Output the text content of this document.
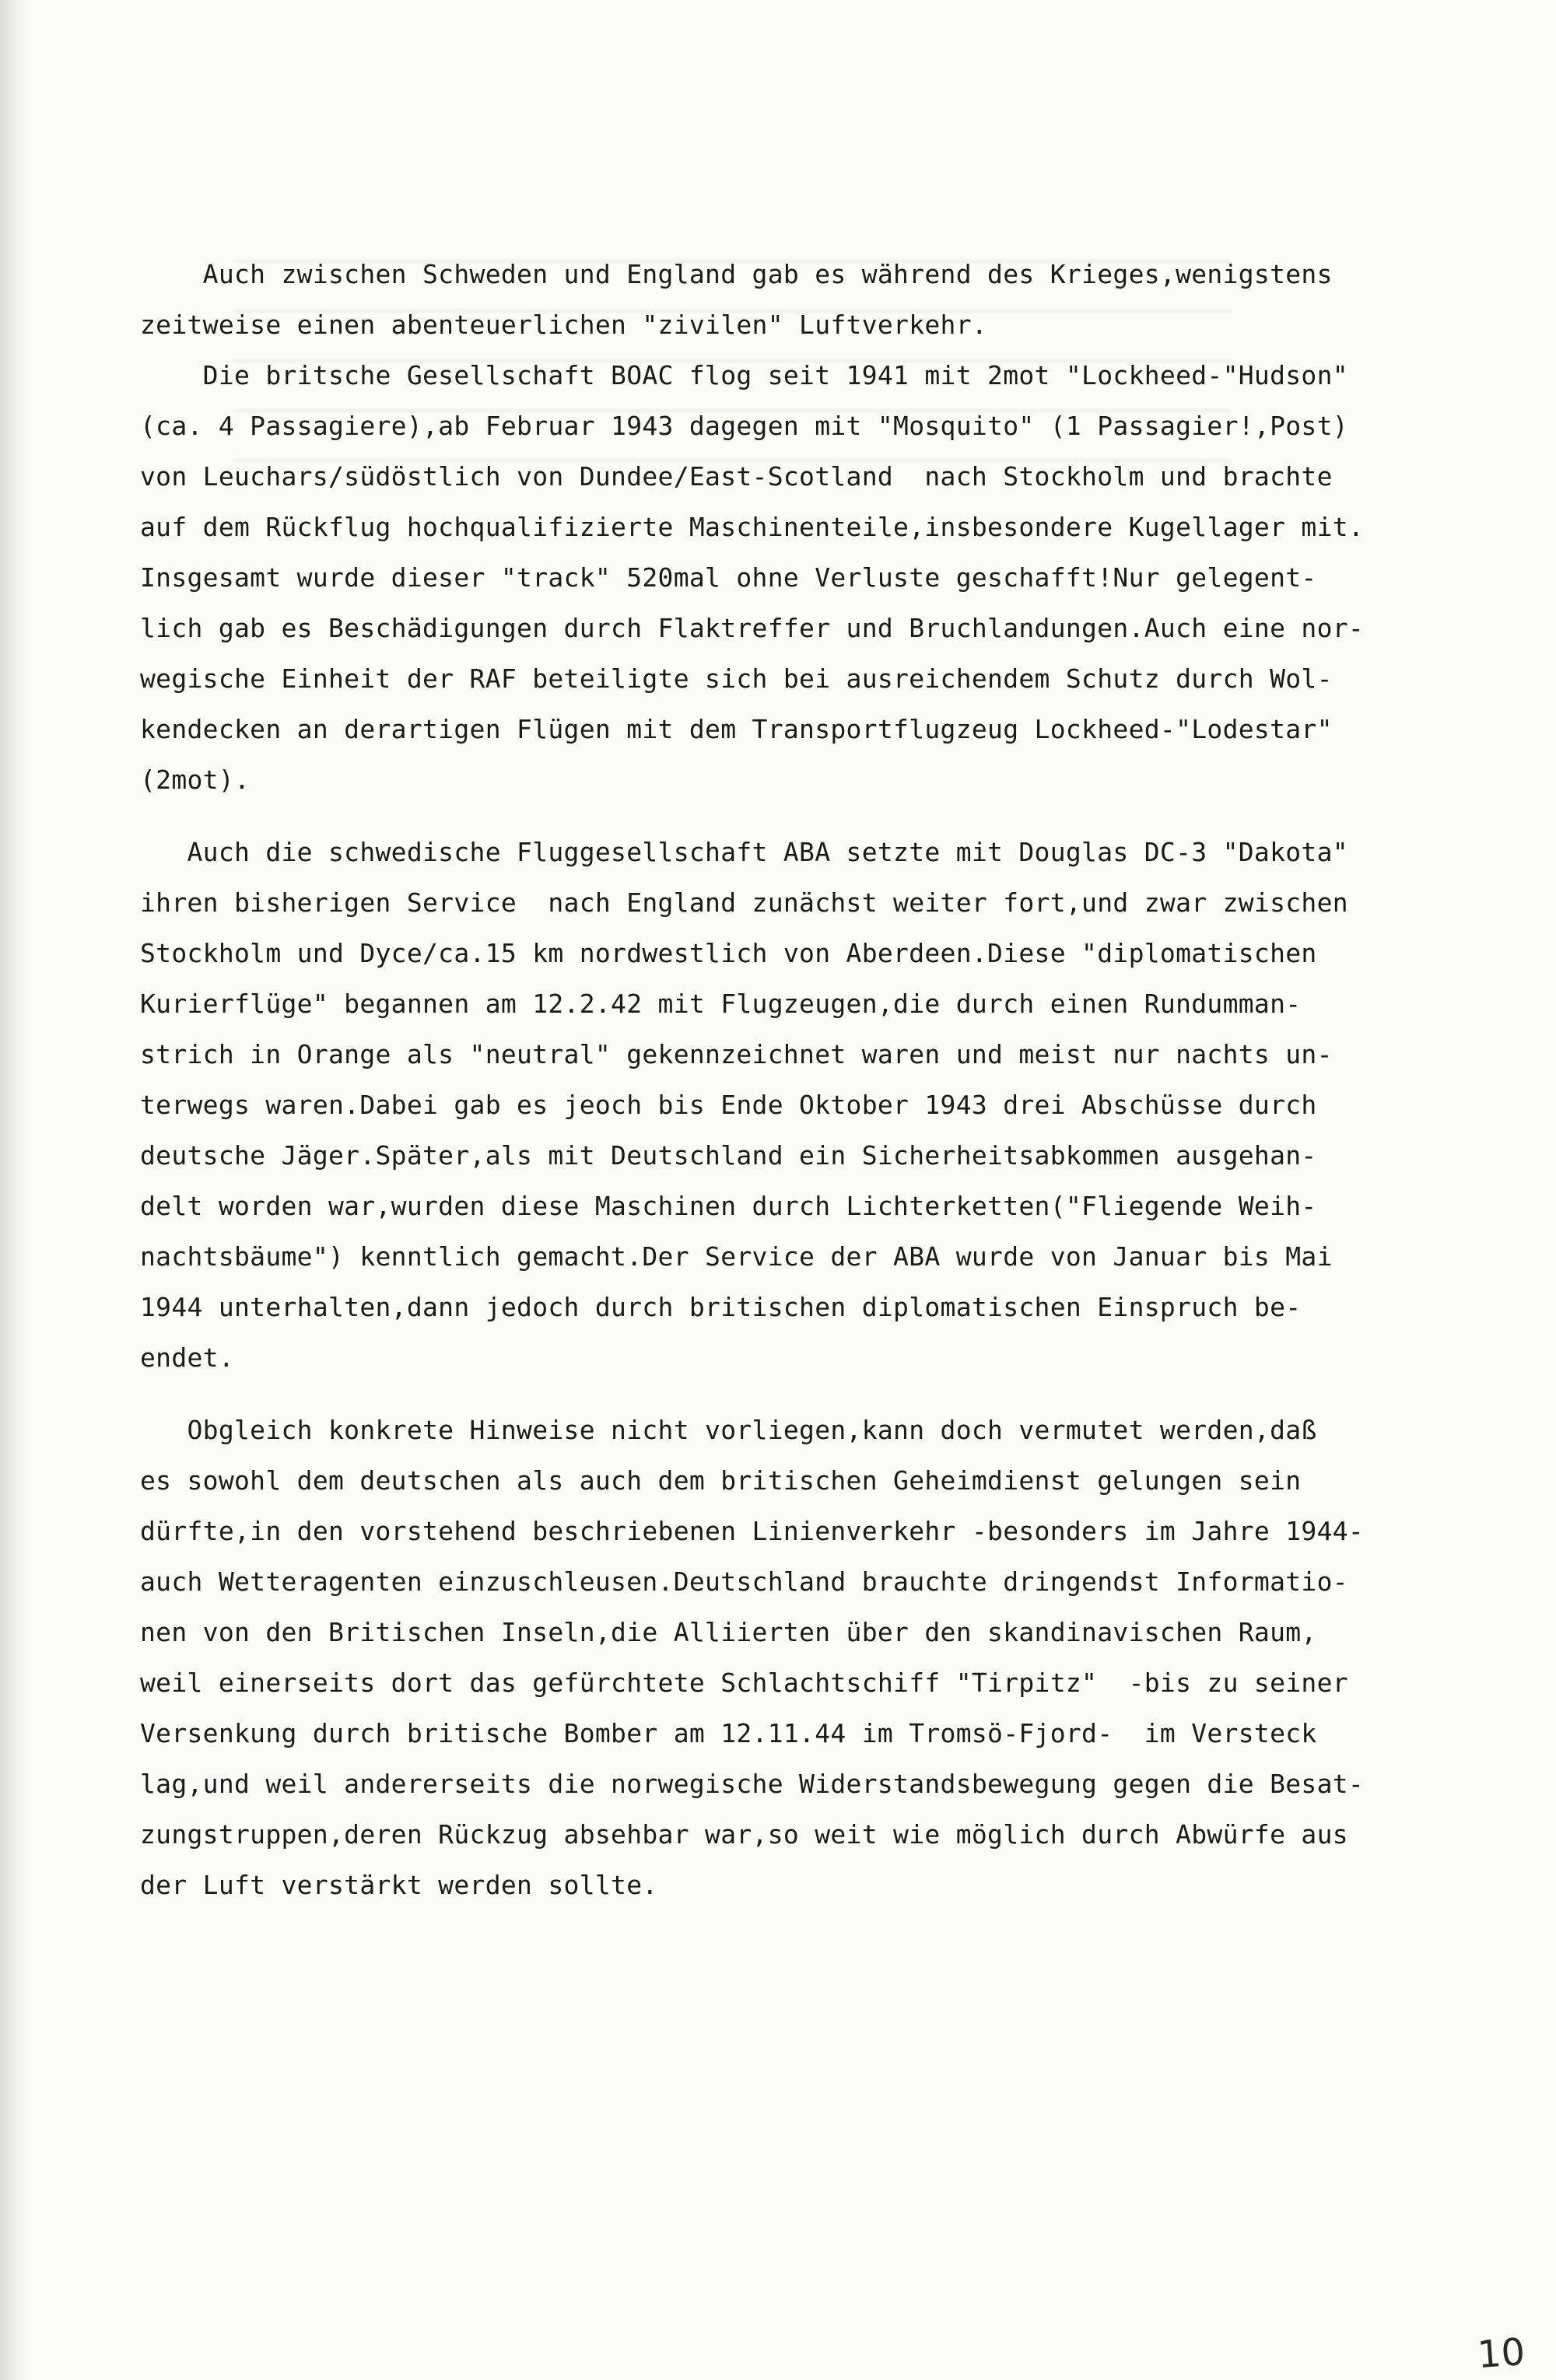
▁▁▁▁▁▁▁▁▁▁▁▁▁▁▁▁▁▁▁▁▁▁▁▁▁▁▁▁▁▁▁▁▁▁▁▁▁▁▁▁▁▁▁▁▁▁▁▁▁▁▁▁▁▁▁▁▁▁▁▁▁▁▁▁▁▁▁▁▁▁▁
▁▁▁▁▁▁▁▁▁▁▁▁▁▁▁▁▁▁▁▁▁▁▁▁▁▁▁▁▁▁▁▁▁▁▁▁▁▁▁▁▁▁▁▁▁▁▁▁▁▁▁▁▁▁▁▁▁▁▁▁▁▁▁▁▁▁▁▁▁▁▁
▁▁▁▁▁▁▁▁▁▁▁▁▁▁▁▁▁▁▁▁▁▁▁▁▁▁▁▁▁▁▁▁▁▁▁▁▁▁▁▁▁▁▁▁▁▁▁▁▁▁▁▁▁▁▁▁▁▁▁▁▁▁▁▁▁▁▁▁▁▁▁
▁▁▁▁▁▁▁▁▁▁▁▁▁▁▁▁▁▁▁▁▁▁▁▁▁▁▁▁▁▁▁▁▁▁▁▁▁▁▁▁▁▁▁▁▁▁▁▁▁▁▁▁▁▁▁▁▁▁▁▁▁▁▁▁▁▁▁▁▁▁▁
▁▁▁▁▁▁▁▁▁▁▁▁▁▁▁▁▁▁▁▁▁▁▁▁▁▁▁▁▁▁▁▁▁▁▁▁▁▁▁▁▁▁▁▁▁▁▁▁▁▁▁▁▁▁▁▁▁▁▁▁▁▁▁▁▁▁▁▁▁▁▁
Auch zwischen Schweden und England gab es während des Krieges,wenigstens
zeitweise einen abenteuerlichen "zivilen" Luftverkehr.
Die britsche Gesellschaft BOAC flog seit 1941 mit 2mot "Lockheed-"Hudson"
(ca. 4 Passagiere),ab Februar 1943 dagegen mit "Mosquito" (1 Passagier!,Post)
von Leuchars/südöstlich von Dundee/East-Scotland  nach Stockholm und brachte
auf dem Rückflug hochqualifizierte Maschinenteile,insbesondere Kugellager mit.
Insgesamt wurde dieser "track" 520mal ohne Verluste geschafft!Nur gelegent-
lich gab es Beschädigungen durch Flaktreffer und Bruchlandungen.Auch eine nor-
wegische Einheit der RAF beteiligte sich bei ausreichendem Schutz durch Wol-
kendecken an derartigen Flügen mit dem Transportflugzeug Lockheed-"Lodestar"
(2mot).
Auch die schwedische Fluggesellschaft ABA setzte mit Douglas DC-3 "Dakota"
ihren bisherigen Service  nach England zunächst weiter fort,und zwar zwischen
Stockholm und Dyce/ca.15 km nordwestlich von Aberdeen.Diese "diplomatischen
Kurierflüge" begannen am 12.2.42 mit Flugzeugen,die durch einen Rundumman-
strich in Orange als "neutral" gekennzeichnet waren und meist nur nachts un-
terwegs waren.Dabei gab es jeoch bis Ende Oktober 1943 drei Abschüsse durch
deutsche Jäger.Später,als mit Deutschland ein Sicherheitsabkommen ausgehan-
delt worden war,wurden diese Maschinen durch Lichterketten("Fliegende Weih-
nachtsbäume") kenntlich gemacht.Der Service der ABA wurde von Januar bis Mai
1944 unterhalten,dann jedoch durch britischen diplomatischen Einspruch be-
endet.
Obgleich konkrete Hinweise nicht vorliegen,kann doch vermutet werden,daß
es sowohl dem deutschen als auch dem britischen Geheimdienst gelungen sein
dürfte,in den vorstehend beschriebenen Linienverkehr -besonders im Jahre 1944-
auch Wetteragenten einzuschleusen.Deutschland brauchte dringendst Informatio-
nen von den Britischen Inseln,die Alliierten über den skandinavischen Raum,
weil einerseits dort das gefürchtete Schlachtschiff "Tirpitz"  -bis zu seiner
Versenkung durch britische Bomber am 12.11.44 im Tromsö-Fjord-  im Versteck
lag,und weil andererseits die norwegische Widerstandsbewegung gegen die Besat-
zungstruppen,deren Rückzug absehbar war,so weit wie möglich durch Abwürfe aus
der Luft verstärkt werden sollte.
10
